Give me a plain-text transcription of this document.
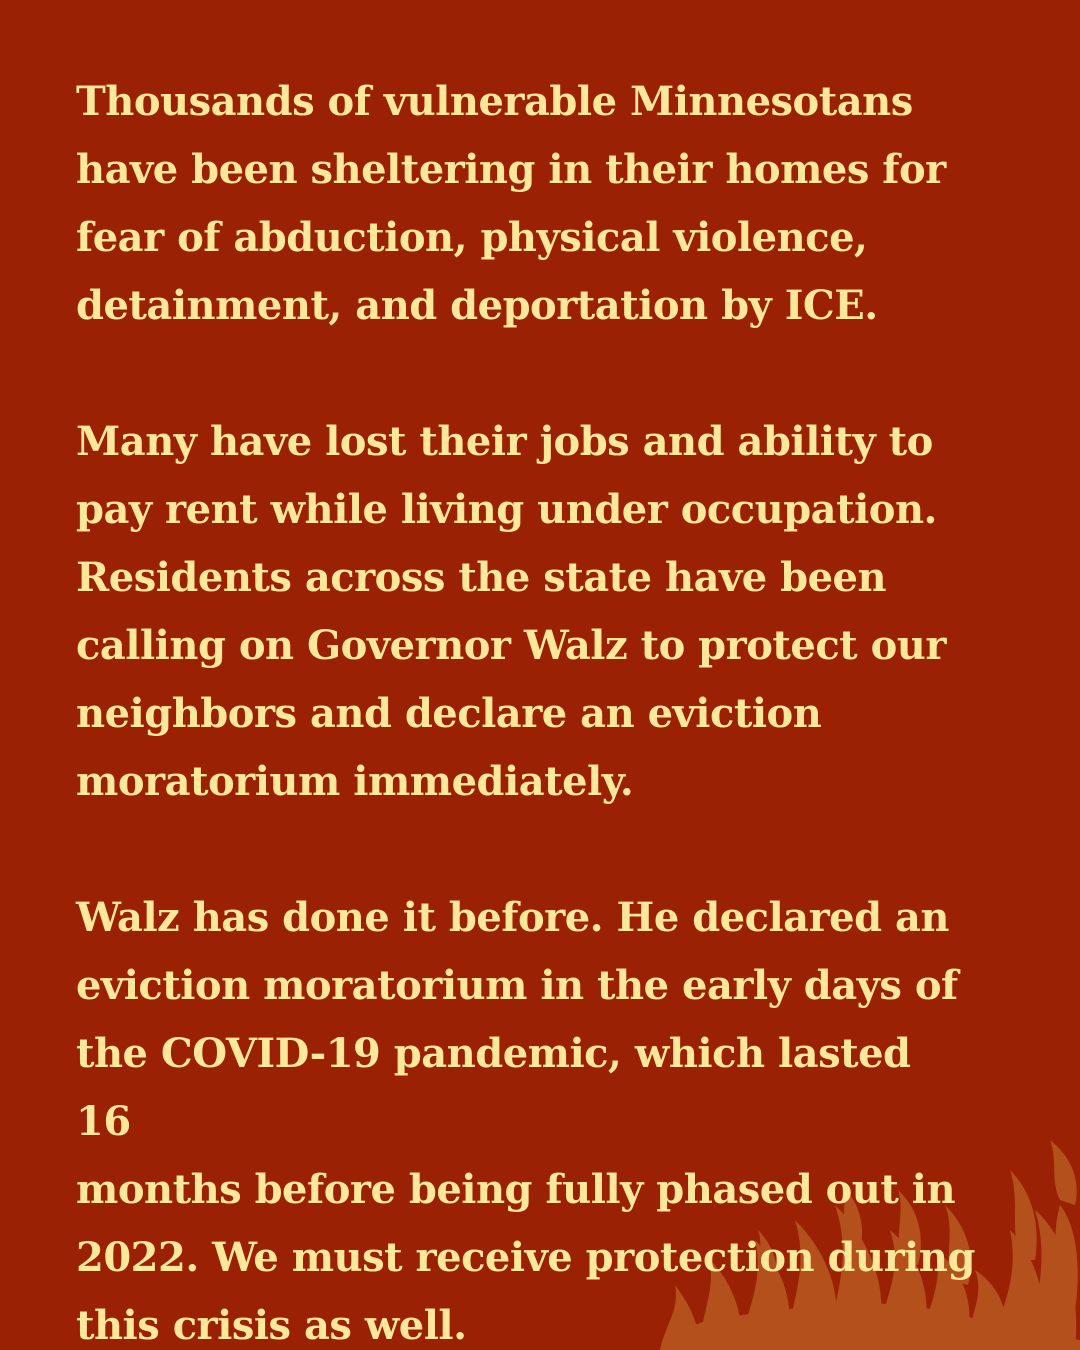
Thousands of vulnerable Minnesotans
have been sheltering in their homes for
fear of abduction, physical violence,
detainment, and deportation by ICE.

Many have lost their jobs and ability to
pay rent while living under occupation.
Residents across the state have been
calling on Governor Walz to protect our
neighbors and declare an eviction
moratorium immediately.

Walz has done it before. He declared an
eviction moratorium in the early days of
the COVID-19 pandemic, which lasted 16
months before being fully phased out in
2022. We must receive protection during
this crisis as well.
